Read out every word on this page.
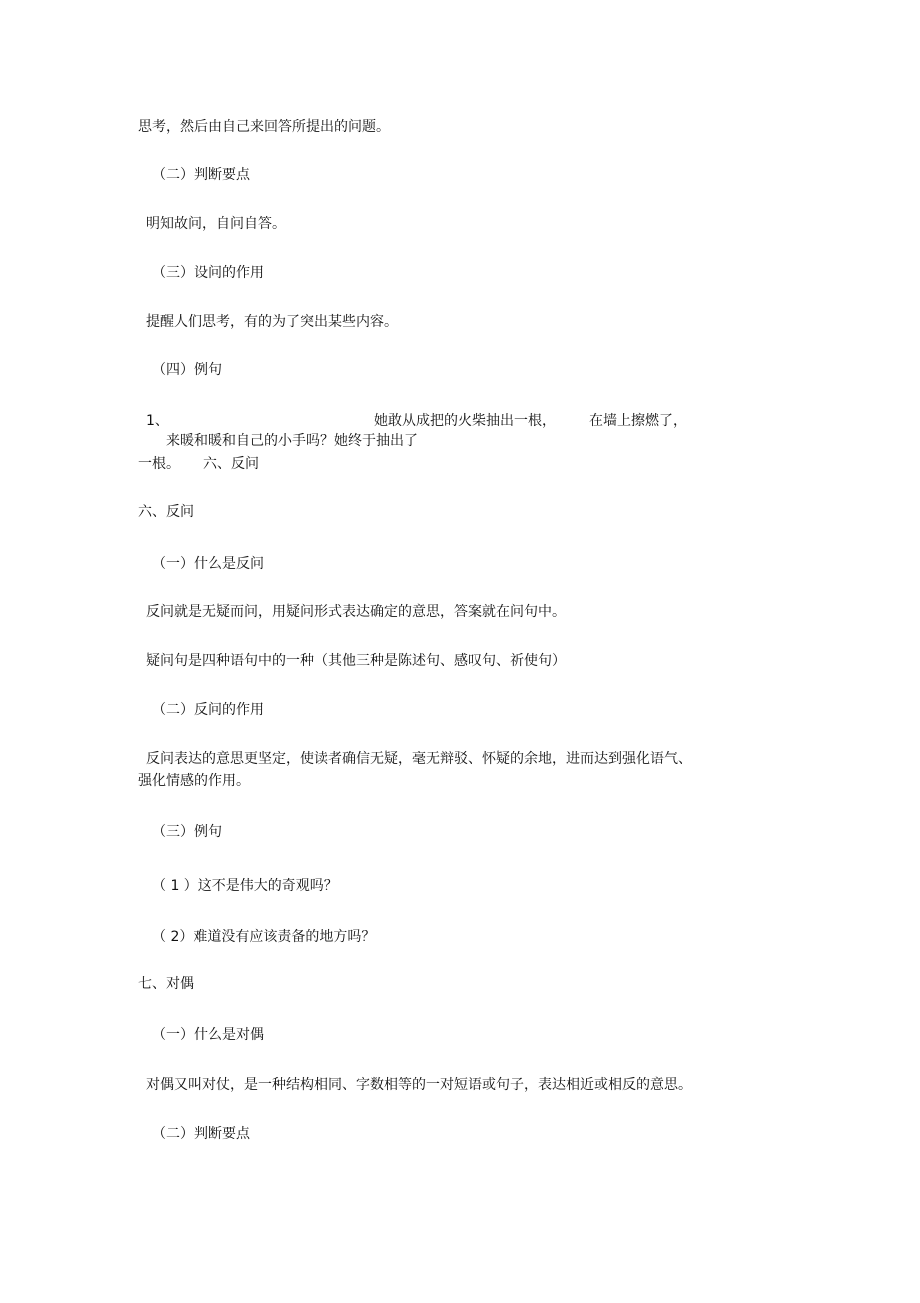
思考，然后由自己来回答所提出的问题。
（二）判断要点
明知故问，自问自答。
（三）设问的作用
提醒人们思考，有的为了突出某些内容。
（四）例句
1、	她敢从成把的火柴抽出一根， 在墙上擦燃了，
来暖和暖和自己的小手吗？她终于抽出了
一根。 六、反问
六、反问
（一）什么是反问
反问就是无疑而问，用疑问形式表达确定的意思，答案就在问句中。
疑问句是四种语句中的一种（其他三种是陈述句、感叹句、祈使句）
（二）反问的作用
反问表达的意思更坚定，使读者确信无疑，毫无辩驳、怀疑的余地，进而达到强化语气、
强化情感的作用。
（三）例句
（ 1 ）这不是伟大的奇观吗？
（ 2）难道没有应该责备的地方吗？
七、对偶
（一）什么是对偶
对偶又叫对仗，是一种结构相同、字数相等的一对短语或句子，表达相近或相反的意思。
（二）判断要点
